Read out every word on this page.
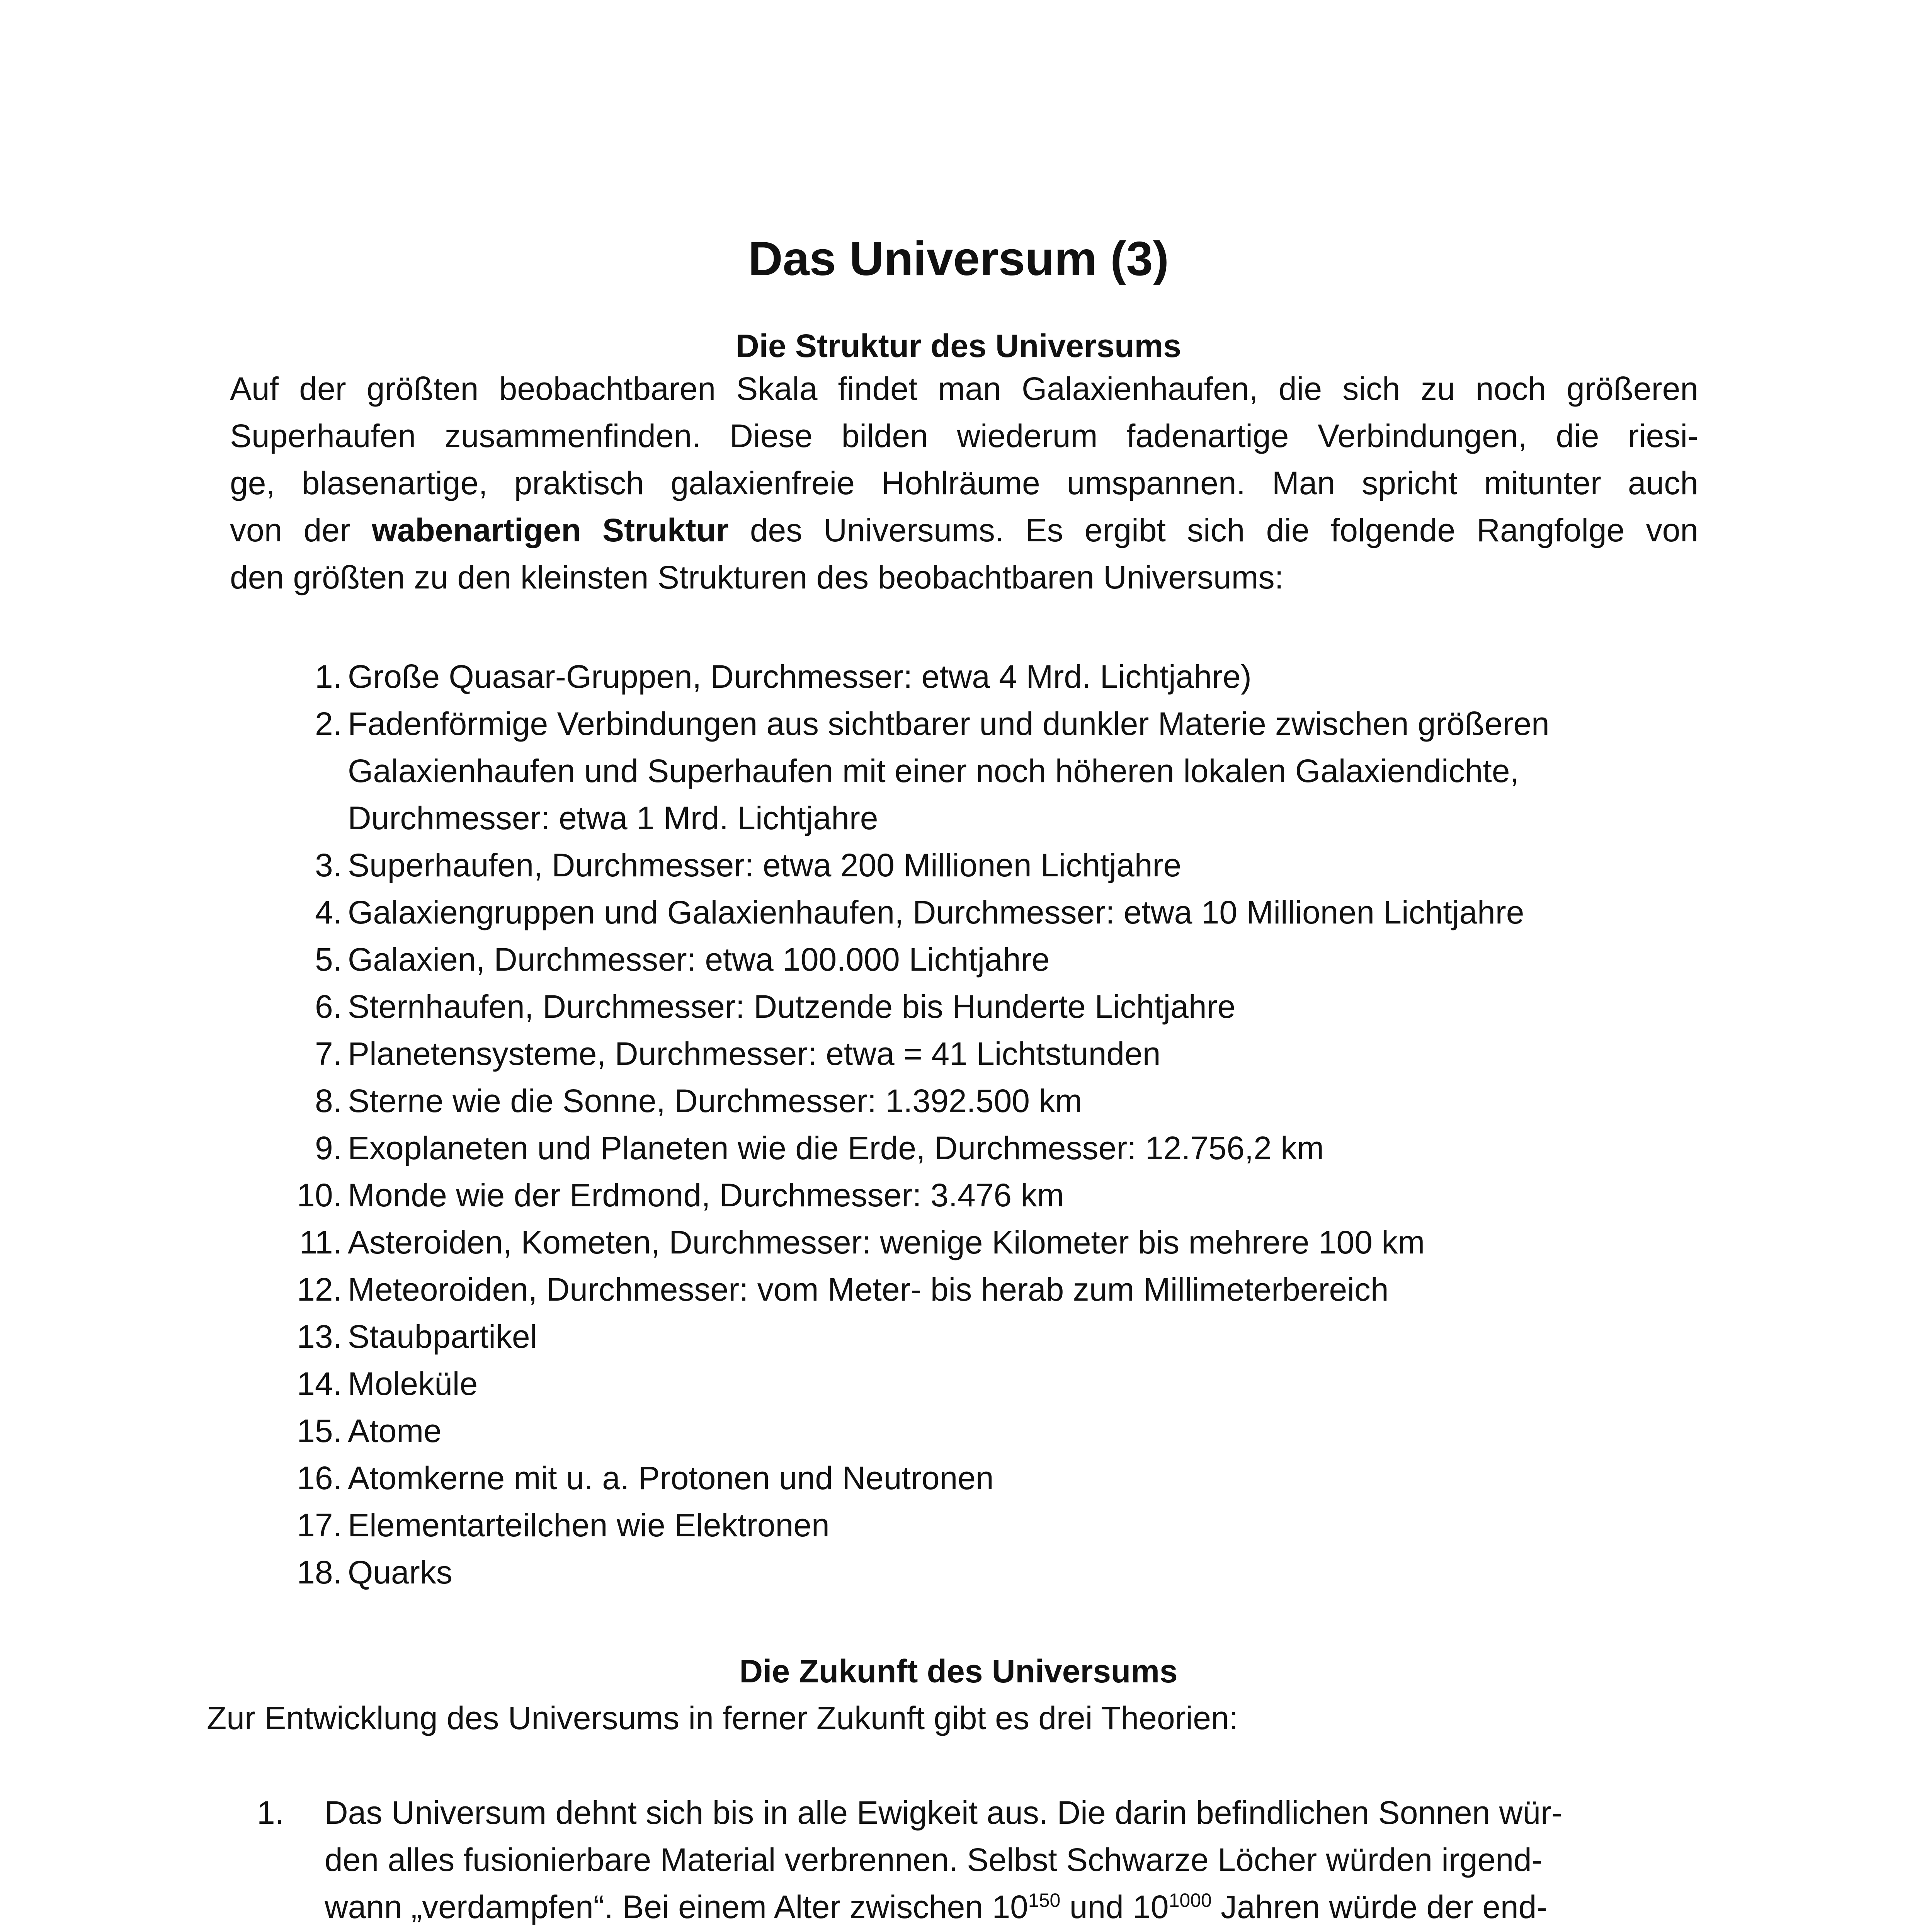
Das Universum (3)
Die Struktur des Universums

Auf der größten beobachtbaren Skala findet man Galaxienhaufen, die sich zu noch größeren
Superhaufen zusammenfinden. Diese bilden wiederum fadenartige Verbindungen, die riesi-
ge, blasenartige, praktisch galaxienfreie Hohlräume umspannen. Man spricht mitunter auch
von der wabenartigen Struktur des Universums. Es ergibt sich die folgende Rangfolge von
den größten zu den kleinsten Strukturen des beobachtbaren Universums:

1. Große Quasar-Gruppen, Durchmesser: etwa 4 Mrd. Lichtjahre)
2. Fadenförmige Verbindungen aus sichtbarer und dunkler Materie zwischen größeren
Galaxienhaufen und Superhaufen mit einer noch höheren lokalen Galaxiendichte,
Durchmesser: etwa 1 Mrd. Lichtjahre
3. Superhaufen, Durchmesser: etwa 200 Millionen Lichtjahre
4. Galaxiengruppen und Galaxienhaufen, Durchmesser: etwa 10 Millionen Lichtjahre
5. Galaxien, Durchmesser: etwa 100.000 Lichtjahre
6. Sternhaufen, Durchmesser: Dutzende bis Hunderte Lichtjahre
7. Planetensysteme, Durchmesser: etwa = 41 Lichtstunden
8. Sterne wie die Sonne, Durchmesser: 1.392.500 km
9. Exoplaneten und Planeten wie die Erde, Durchmesser: 12.756,2 km
10. Monde wie der Erdmond, Durchmesser: 3.476 km
11. Asteroiden, Kometen, Durchmesser: wenige Kilometer bis mehrere 100 km
12. Meteoroiden, Durchmesser: vom Meter- bis herab zum Millimeterbereich
13. Staubpartikel
14. Moleküle
15. Atome
16. Atomkerne mit u. a. Protonen und Neutronen
17. Elementarteilchen wie Elektronen
18. Quarks
Die Zukunft des Universums

Zur Entwicklung des Universums in ferner Zukunft gibt es drei Theorien:

1.	Das Universum dehnt sich bis in alle Ewigkeit aus. Die darin befindlichen Sonnen wür-
den alles fusionierbare Material verbrennen. Selbst Schwarze Löcher würden irgend-
wann „verdampfen“. Bei einem Alter zwischen $10^{150}$ und $10^{1000}$ Jahren würde der end-
